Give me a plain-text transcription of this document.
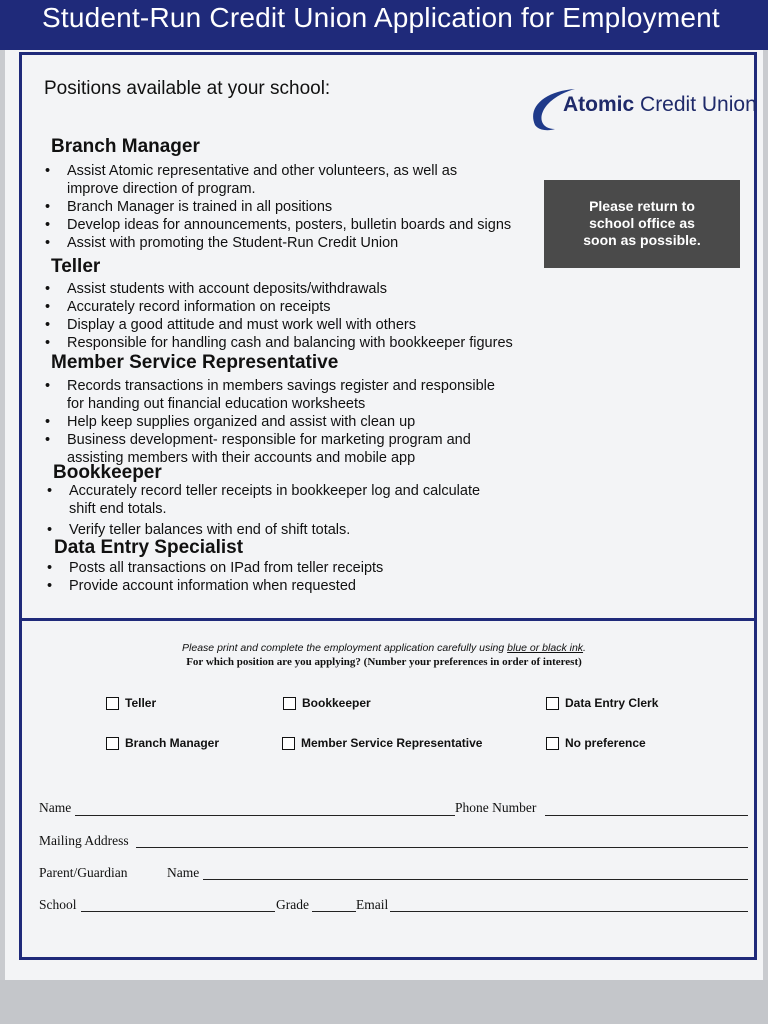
Student-Run Credit Union Application for Employment
Positions available at your school:
Atomic Credit Union
Please return to
school office as
soon as possible.
Branch Manager
• Assist Atomic representative and other volunteers, as well as improve direction of program.
• Branch Manager is trained in all positions
• Develop ideas for announcements, posters, bulletin boards and signs
• Assist with promoting the Student-Run Credit Union
Teller
• Assist students with account deposits/withdrawals
• Accurately record information on receipts
• Display a good attitude and must work well with others
• Responsible for handling cash and balancing with bookkeeper figures
Member Service Representative
• Records transactions in members savings register and responsible for handing out financial education worksheets
• Help keep supplies organized and assist with clean up
• Business development- responsible for marketing program and assisting members with their accounts and mobile app
Bookkeeper
• Accurately record teller receipts in bookkeeper log and calculate shift end totals.
• Verify teller balances with end of shift totals.
Data Entry Specialist
• Posts all transactions on IPad from teller receipts
• Provide account information when requested
Please print and complete the employment application carefully using blue or black ink.
For which position are you applying? (Number your preferences in order of interest)
Teller	Bookkeeper	Data Entry Clerk
Branch Manager	Member Service Representative	No preference
Name	Phone Number
Mailing Address
Parent/Guardian	Name
School	Grade	Email
